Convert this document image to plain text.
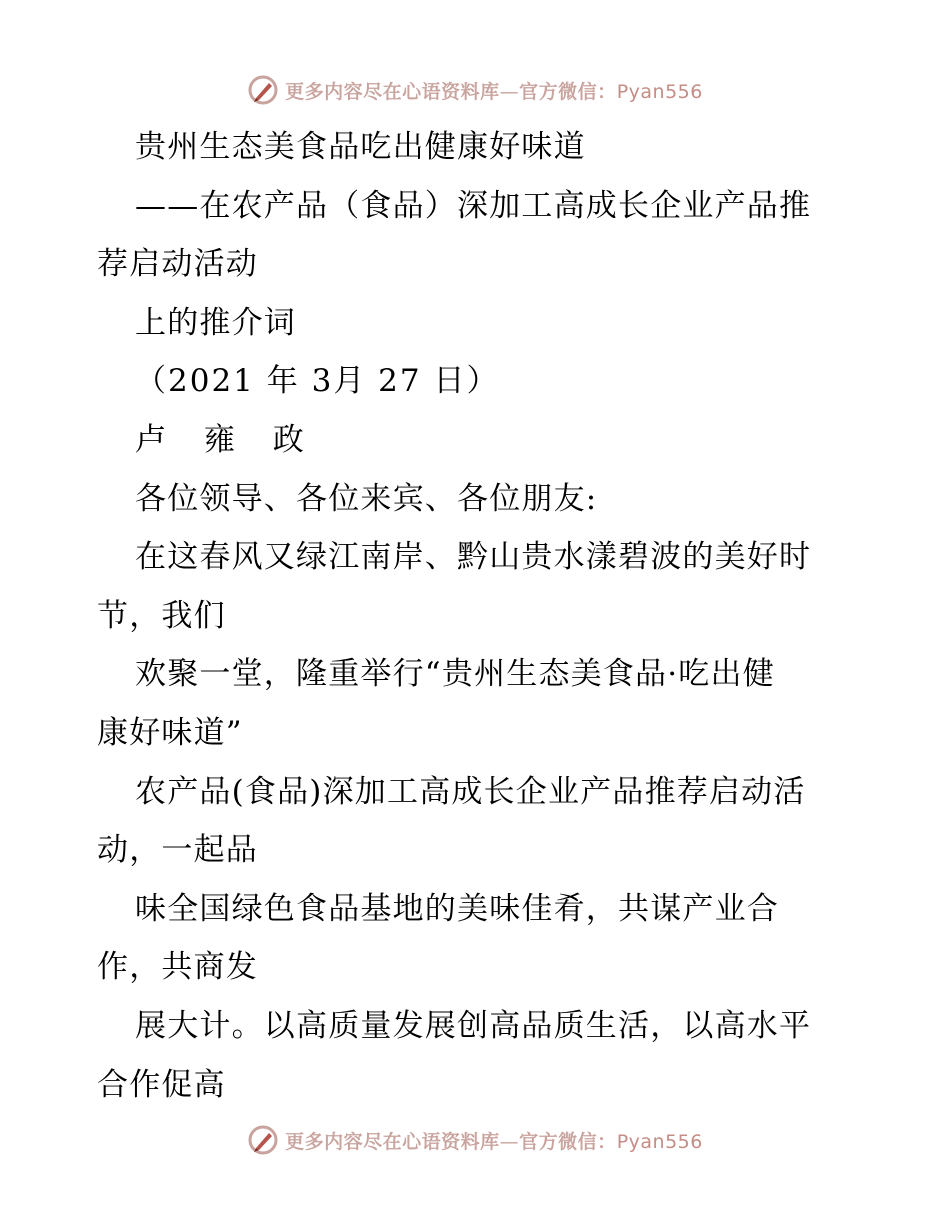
更多内容尽在心语资料库—官方微信：Pyan556
贵州生态美食品吃出健康好味道
——在农产品（食品）深加工高成长企业产品推
荐启动活动
上的推介词
（2021 年 3月 27 日）
卢 雍 政
各位领导、各位来宾、各位朋友:
在这春风又绿江南岸、黔山贵水漾碧波的美好时
节，我们
欢聚一堂，隆重举行“贵州生态美食品·吃出健
康好味道”
农产品(食品)深加工高成长企业产品推荐启动活
动，一起品
味全国绿色食品基地的美味佳肴，共谋产业合
作，共商发
展大计。以高质量发展创高品质生活，以高水平
合作促高
更多内容尽在心语资料库—官方微信：Pyan556
